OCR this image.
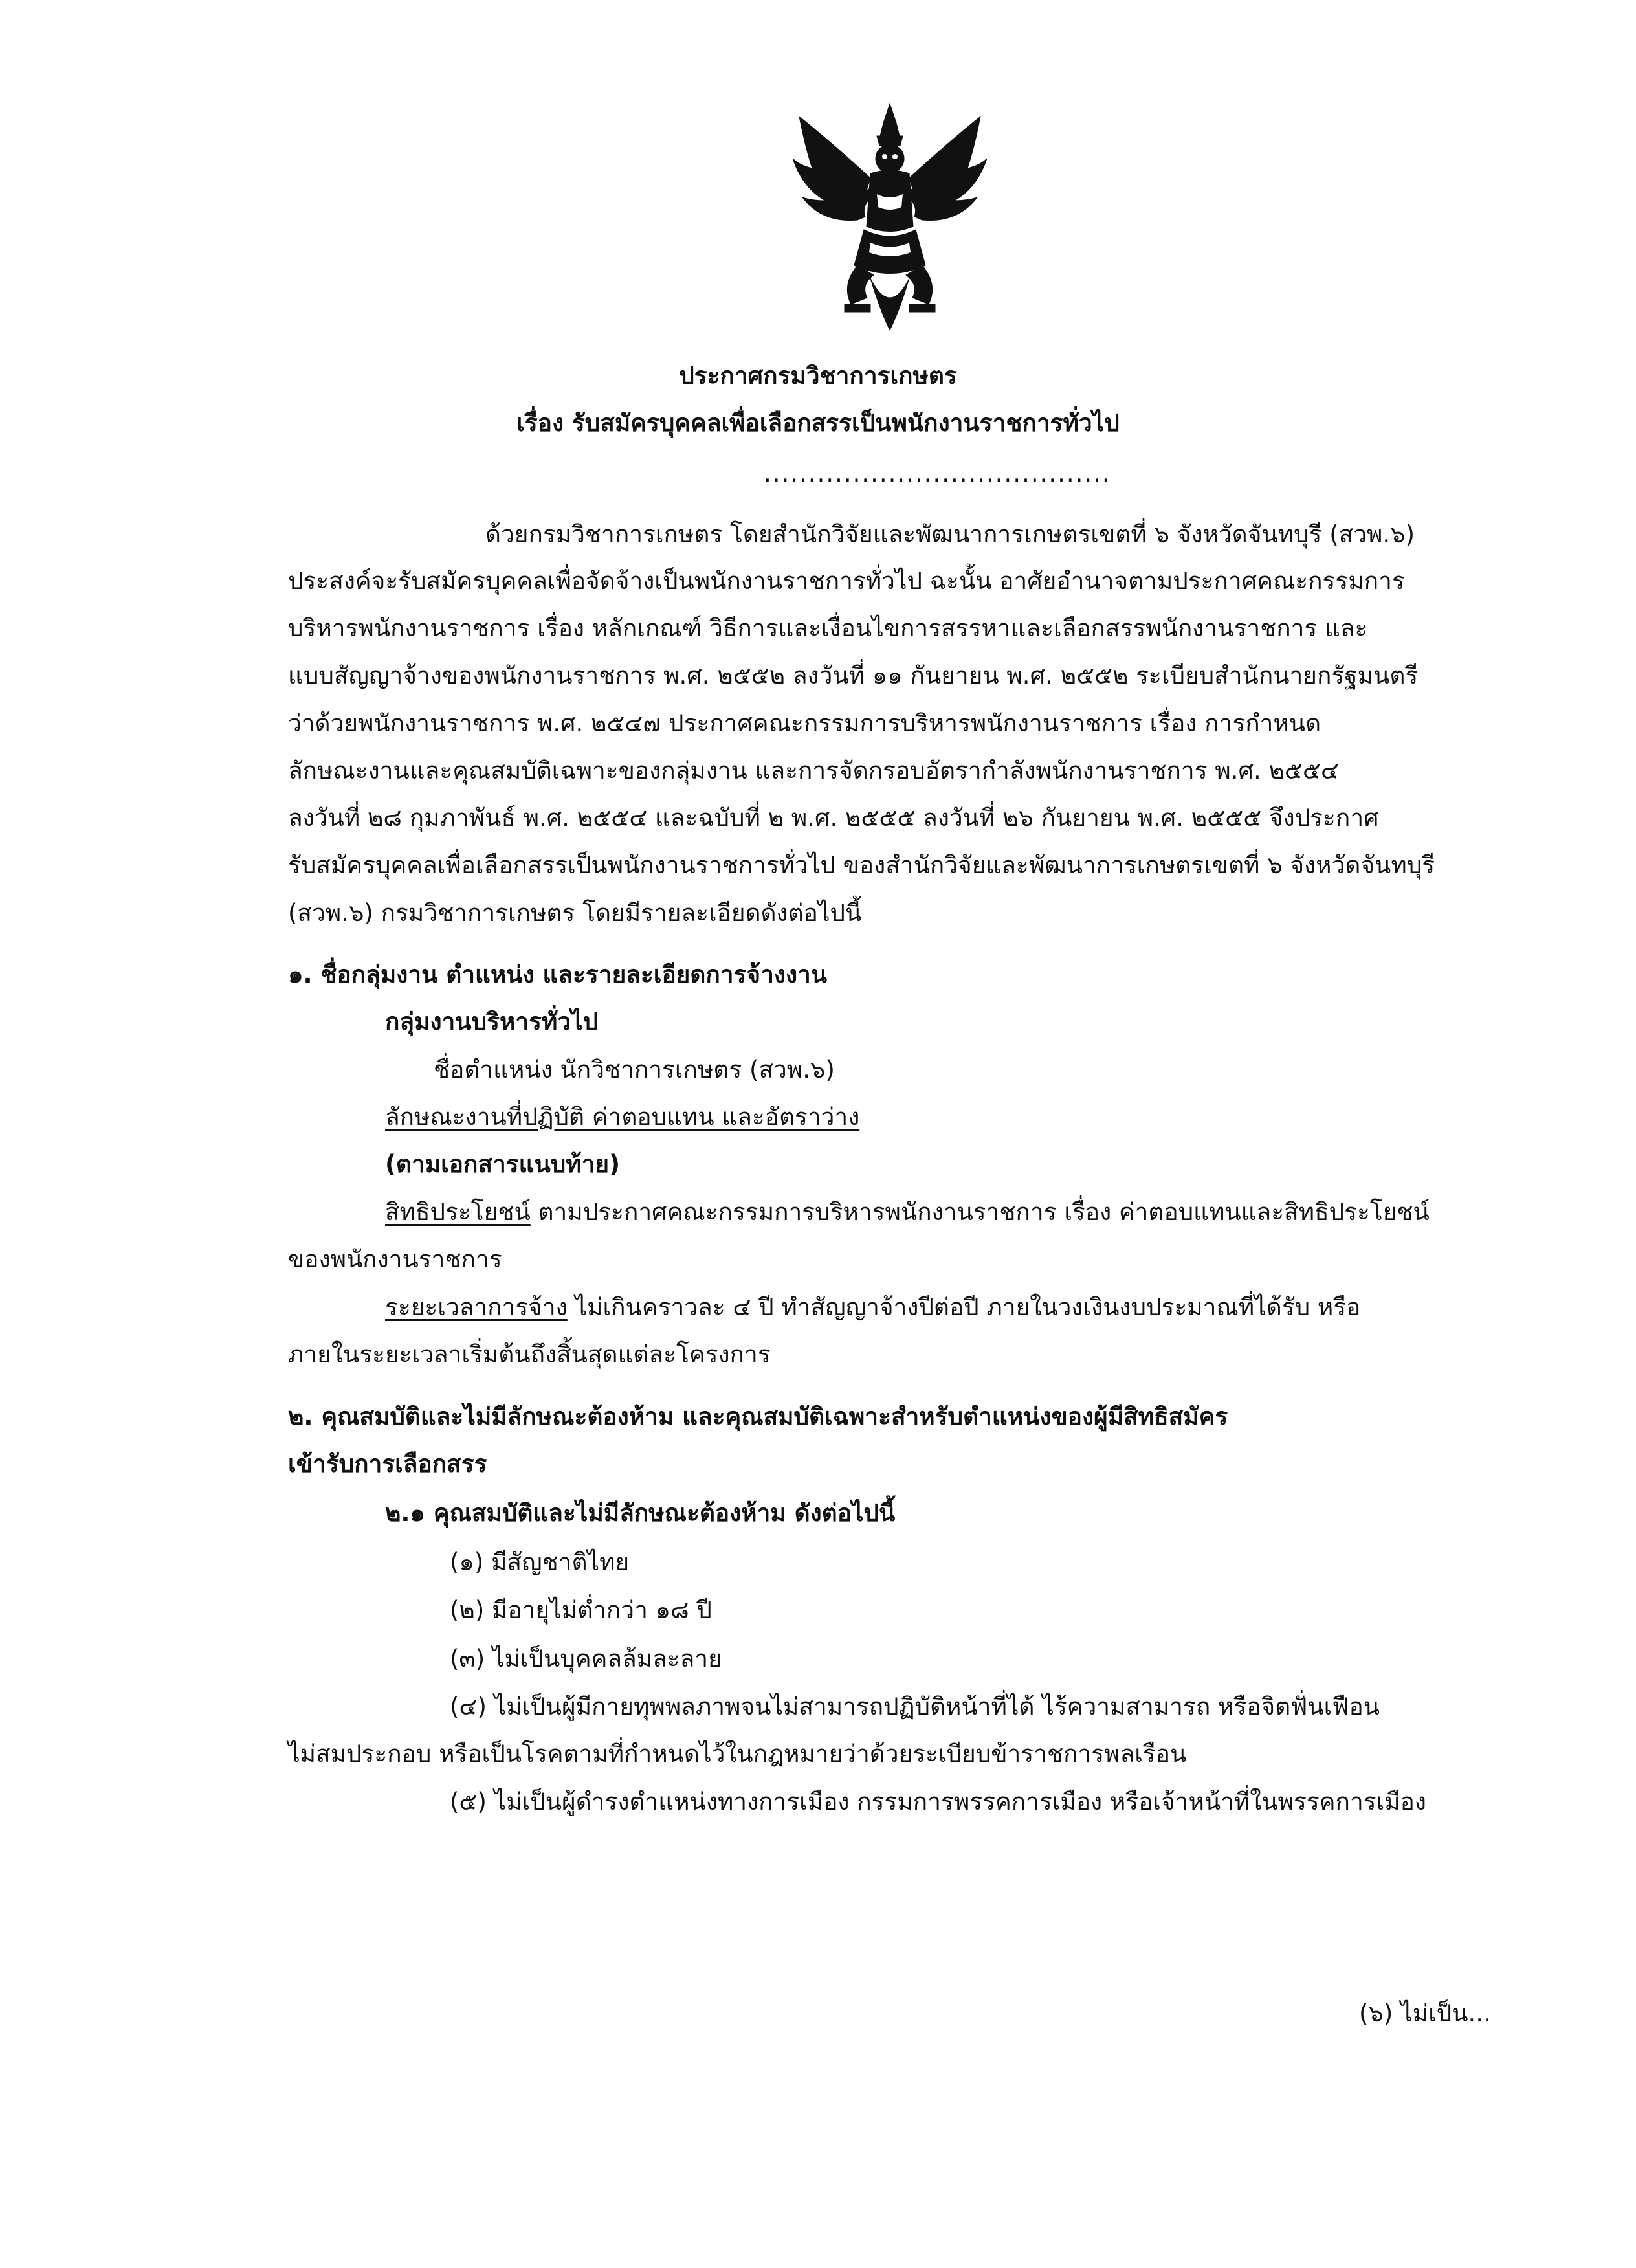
ประกาศกรมวิชาการเกษตร
เรื่อง รับสมัครบุคคลเพื่อเลือกสรรเป็นพนักงานราชการทั่วไป
.......................................
ด้วยกรมวิชาการเกษตร โดยสำนักวิจัยและพัฒนาการเกษตรเขตที่ ๖ จังหวัดจันทบุรี (สวพ.๖)
ประสงค์จะรับสมัครบุคคลเพื่อจัดจ้างเป็นพนักงานราชการทั่วไป ฉะนั้น อาศัยอำนาจตามประกาศคณะกรรมการ
บริหารพนักงานราชการ เรื่อง หลักเกณฑ์ วิธีการและเงื่อนไขการสรรหาและเลือกสรรพนักงานราชการ และ
แบบสัญญาจ้างของพนักงานราชการ พ.ศ. ๒๕๕๒ ลงวันที่ ๑๑ กันยายน พ.ศ. ๒๕๕๒ ระเบียบสำนักนายกรัฐมนตรี
ว่าด้วยพนักงานราชการ พ.ศ. ๒๕๔๗ ประกาศคณะกรรมการบริหารพนักงานราชการ เรื่อง การกำหนด
ลักษณะงานและคุณสมบัติเฉพาะของกลุ่มงาน และการจัดกรอบอัตรากำลังพนักงานราชการ พ.ศ. ๒๕๕๔
ลงวันที่ ๒๘ กุมภาพันธ์ พ.ศ. ๒๕๕๔ และฉบับที่ ๒ พ.ศ. ๒๕๕๕ ลงวันที่ ๒๖ กันยายน พ.ศ. ๒๕๕๕ จึงประกาศ
รับสมัครบุคคลเพื่อเลือกสรรเป็นพนักงานราชการทั่วไป ของสำนักวิจัยและพัฒนาการเกษตรเขตที่ ๖ จังหวัดจันทบุรี
(สวพ.๖) กรมวิชาการเกษตร โดยมีรายละเอียดดังต่อไปนี้
๑. ชื่อกลุ่มงาน ตำแหน่ง และรายละเอียดการจ้างงาน
กลุ่มงานบริหารทั่วไป
ชื่อตำแหน่ง นักวิชาการเกษตร (สวพ.๖)
ลักษณะงานที่ปฏิบัติ ค่าตอบแทน และอัตราว่าง
(ตามเอกสารแนบท้าย)
สิทธิประโยชน์ ตามประกาศคณะกรรมการบริหารพนักงานราชการ เรื่อง ค่าตอบแทนและสิทธิประโยชน์
ของพนักงานราชการ
ระยะเวลาการจ้าง ไม่เกินคราวละ ๔ ปี ทำสัญญาจ้างปีต่อปี ภายในวงเงินงบประมาณที่ได้รับ หรือ
ภายในระยะเวลาเริ่มต้นถึงสิ้นสุดแต่ละโครงการ
๒. คุณสมบัติและไม่มีลักษณะต้องห้าม และคุณสมบัติเฉพาะสำหรับตำแหน่งของผู้มีสิทธิสมัคร
เข้ารับการเลือกสรร
๒.๑ คุณสมบัติและไม่มีลักษณะต้องห้าม ดังต่อไปนี้
(๑) มีสัญชาติไทย
(๒) มีอายุไม่ต่ำกว่า ๑๘ ปี
(๓) ไม่เป็นบุคคลล้มละลาย
(๔) ไม่เป็นผู้มีกายทุพพลภาพจนไม่สามารถปฏิบัติหน้าที่ได้ ไร้ความสามารถ หรือจิตฟั่นเฟือน
ไม่สมประกอบ หรือเป็นโรคตามที่กำหนดไว้ในกฎหมายว่าด้วยระเบียบข้าราชการพลเรือน
(๕) ไม่เป็นผู้ดำรงตำแหน่งทางการเมือง กรรมการพรรคการเมือง หรือเจ้าหน้าที่ในพรรคการเมือง
(๖) ไม่เป็น...
